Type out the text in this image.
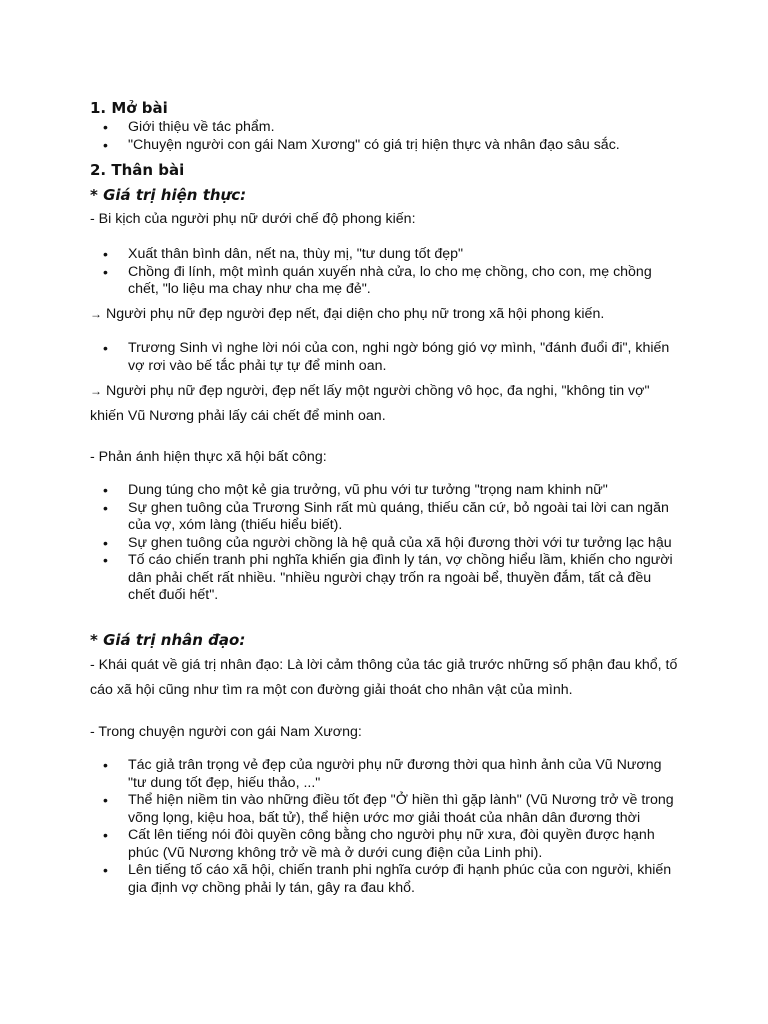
1. Mở bài

• Giới thiệu về tác phẩm.
• "Chuyện người con gái Nam Xương" có giá trị hiện thực và nhân đạo sâu sắc.

2. Thân bài

* Giá trị hiện thực:

- Bi kịch của người phụ nữ dưới chế độ phong kiến:

• Xuất thân bình dân, nết na, thùy mị, "tư dung tốt đẹp"
• Chồng đi lính, một mình quán xuyến nhà cửa, lo cho mẹ chồng, cho con, mẹ chồng chết, "lo liệu ma chay như cha mẹ đẻ".

→ Người phụ nữ đẹp người đẹp nết, đại diện cho phụ nữ trong xã hội phong kiến.

• Trương Sinh vì nghe lời nói của con, nghi ngờ bóng gió vợ mình, "đánh đuổi đi", khiến vợ rơi vào bế tắc phải tự tự để minh oan.

→ Người phụ nữ đẹp người, đẹp nết lấy một người chồng vô học, đa nghi, "không tin vợ" khiến Vũ Nương phải lấy cái chết để minh oan.

- Phản ánh hiện thực xã hội bất công:

• Dung túng cho một kẻ gia trưởng, vũ phu với tư tưởng "trọng nam khinh nữ"
• Sự ghen tuông của Trương Sinh rất mù quáng, thiếu căn cứ, bỏ ngoài tai lời can ngăn của vợ, xóm làng (thiếu hiểu biết).
• Sự ghen tuông của người chồng là hệ quả của xã hội đương thời với tư tưởng lạc hậu
• Tố cáo chiến tranh phi nghĩa khiến gia đình ly tán, vợ chồng hiểu lầm, khiến cho người dân phải chết rất nhiều. "nhiều người chạy trốn ra ngoài bể, thuyền đắm, tất cả đều chết đuối hết".

* Giá trị nhân đạo:

- Khái quát về giá trị nhân đạo: Là lời cảm thông của tác giả trước những số phận đau khổ, tố cáo xã hội cũng như tìm ra một con đường giải thoát cho nhân vật của mình.

- Trong chuyện người con gái Nam Xương:

• Tác giả trân trọng vẻ đẹp của người phụ nữ đương thời qua hình ảnh của Vũ Nương "tư dung tốt đẹp, hiếu thảo, ..."
• Thể hiện niềm tin vào những điều tốt đẹp "Ở hiền thì gặp lành" (Vũ Nương trở về trong võng lọng, kiệu hoa, bất tử), thể hiện ước mơ giải thoát của nhân dân đương thời
• Cất lên tiếng nói đòi quyền công bằng cho người phụ nữ xưa, đòi quyền được hạnh phúc (Vũ Nương không trở về mà ở dưới cung điện của Linh phi).
• Lên tiếng tố cáo xã hội, chiến tranh phi nghĩa cướp đi hạnh phúc của con người, khiến gia định vợ chồng phải ly tán, gây ra đau khổ.
